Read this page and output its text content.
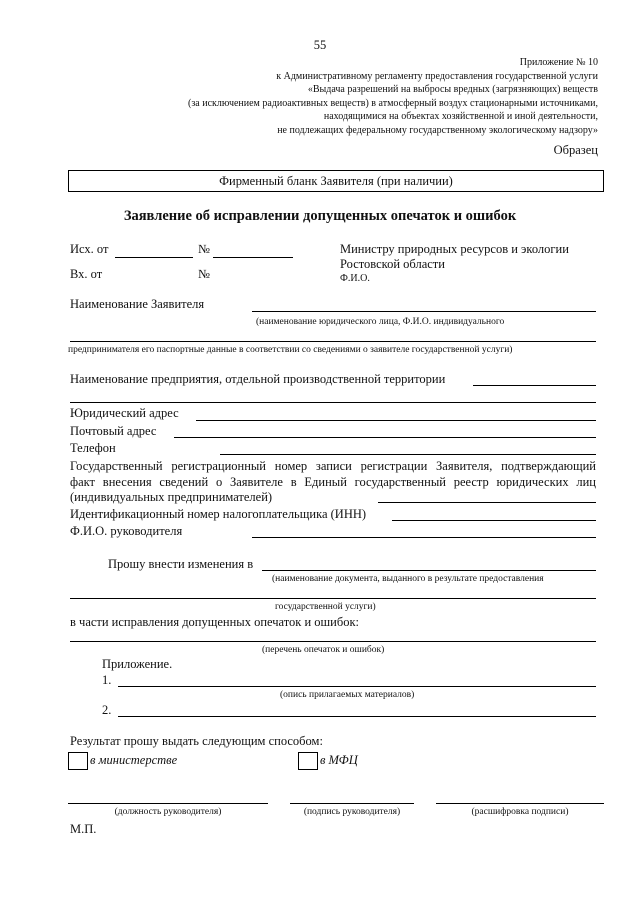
55
Приложение № 10
к Административному регламенту предоставления государственной услуги
«Выдача разрешений на выбросы вредных (загрязняющих) веществ
(за исключением радиоактивных веществ) в атмосферный воздух стационарными источниками,
находящимися на объектах хозяйственной и иной деятельности,
не подлежащих федеральному государственному экологическому надзору»
Образец
Фирменный бланк Заявителя (при наличии)
Заявление об исправлении допущенных опечаток и ошибок
Исх. от	№
Вх. от	№
Министру природных ресурсов и экологии
Ростовской области
Ф.И.О.
Наименование Заявителя
(наименование юридического лица, Ф.И.О. индивидуального
предпринимателя его паспортные данные в соответствии со сведениями о заявителе государственной услуги)
Наименование предприятия, отдельной производственной территории
Юридический адрес
Почтовый адрес
Телефон
Государственный регистрационный номер записи регистрации Заявителя, подтверждающий
факт внесения сведений о Заявителе в Единый государственный реестр юридических лиц
(индивидуальных предпринимателей)
Идентификационный номер налогоплательщика (ИНН)
Ф.И.О. руководителя
Прошу внести изменения в
(наименование документа, выданного в результате предоставления
государственной услуги)
в части исправления допущенных опечаток и ошибок:
(перечень опечаток и ошибок)
Приложение.
1.
(опись прилагаемых материалов)
2.
Результат прошу выдать следующим способом:
в министерстве	в МФЦ
(должность руководителя)	(подпись руководителя)	(расшифровка подписи)
М.П.
